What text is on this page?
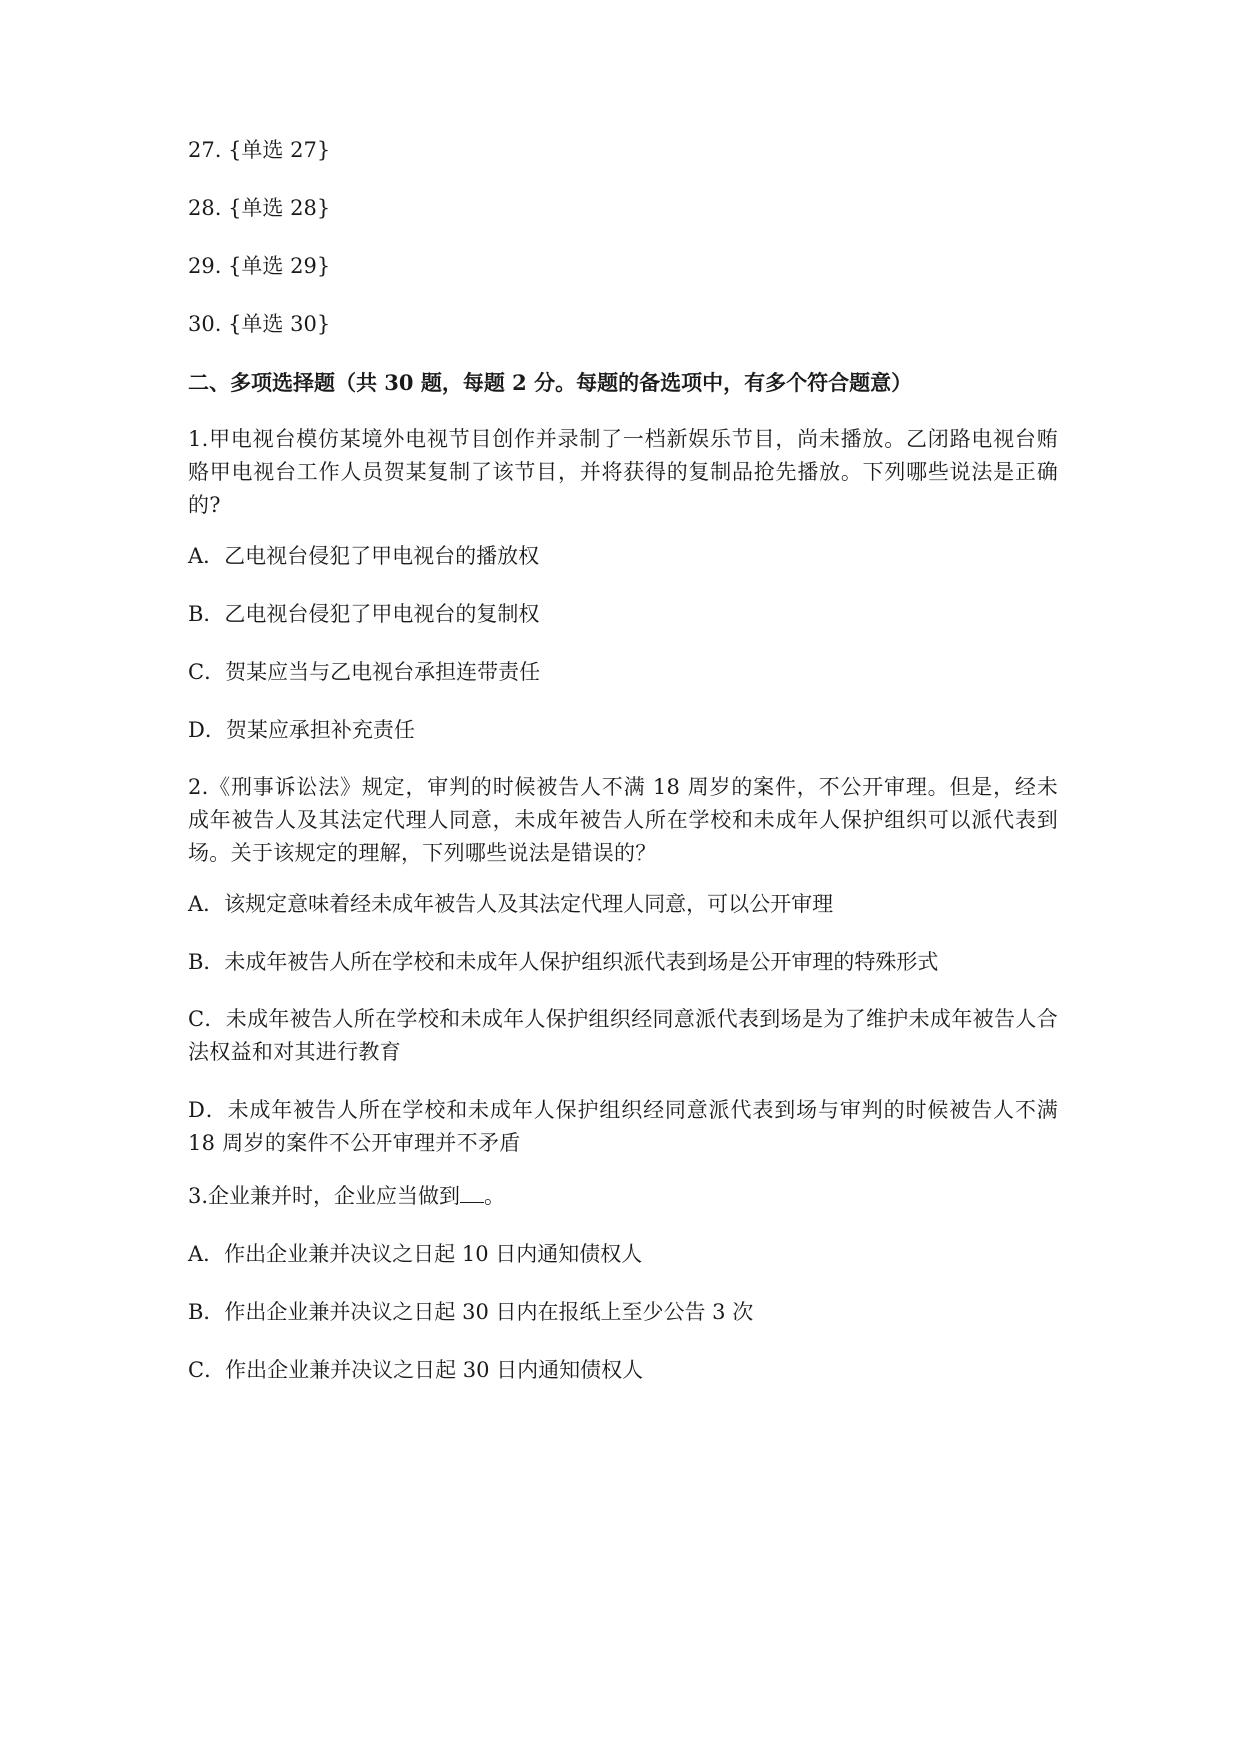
27. {单选 27}
28. {单选 28}
29. {单选 29}
30. {单选 30}
二、多项选择题（共 30 题，每题 2 分。每题的备选项中，有多个符合题意）
1.甲电视台模仿某境外电视节目创作并录制了一档新娱乐节目，尚未播放。乙闭路电视台贿赂甲电视台工作人员贺某复制了该节目，并将获得的复制品抢先播放。下列哪些说法是正确的?
A．乙电视台侵犯了甲电视台的播放权
B．乙电视台侵犯了甲电视台的复制权
C．贺某应当与乙电视台承担连带责任
D．贺某应承担补充责任
2.《刑事诉讼法》规定，审判的时候被告人不满 18 周岁的案件，不公开审理。但是，经未成年被告人及其法定代理人同意，未成年被告人所在学校和未成年人保护组织可以派代表到场。关于该规定的理解，下列哪些说法是错误的？
A．该规定意味着经未成年被告人及其法定代理人同意，可以公开审理
B．未成年被告人所在学校和未成年人保护组织派代表到场是公开审理的特殊形式
C．未成年被告人所在学校和未成年人保护组织经同意派代表到场是为了维护未成年被告人合法权益和对其进行教育
D．未成年被告人所在学校和未成年人保护组织经同意派代表到场与审判的时候被告人不满 18 周岁的案件不公开审理并不矛盾
3.企业兼并时，企业应当做到 。
A．作出企业兼并决议之日起 10 日内通知债权人
B．作出企业兼并决议之日起 30 日内在报纸上至少公告 3 次
C．作出企业兼并决议之日起 30 日内通知债权人
